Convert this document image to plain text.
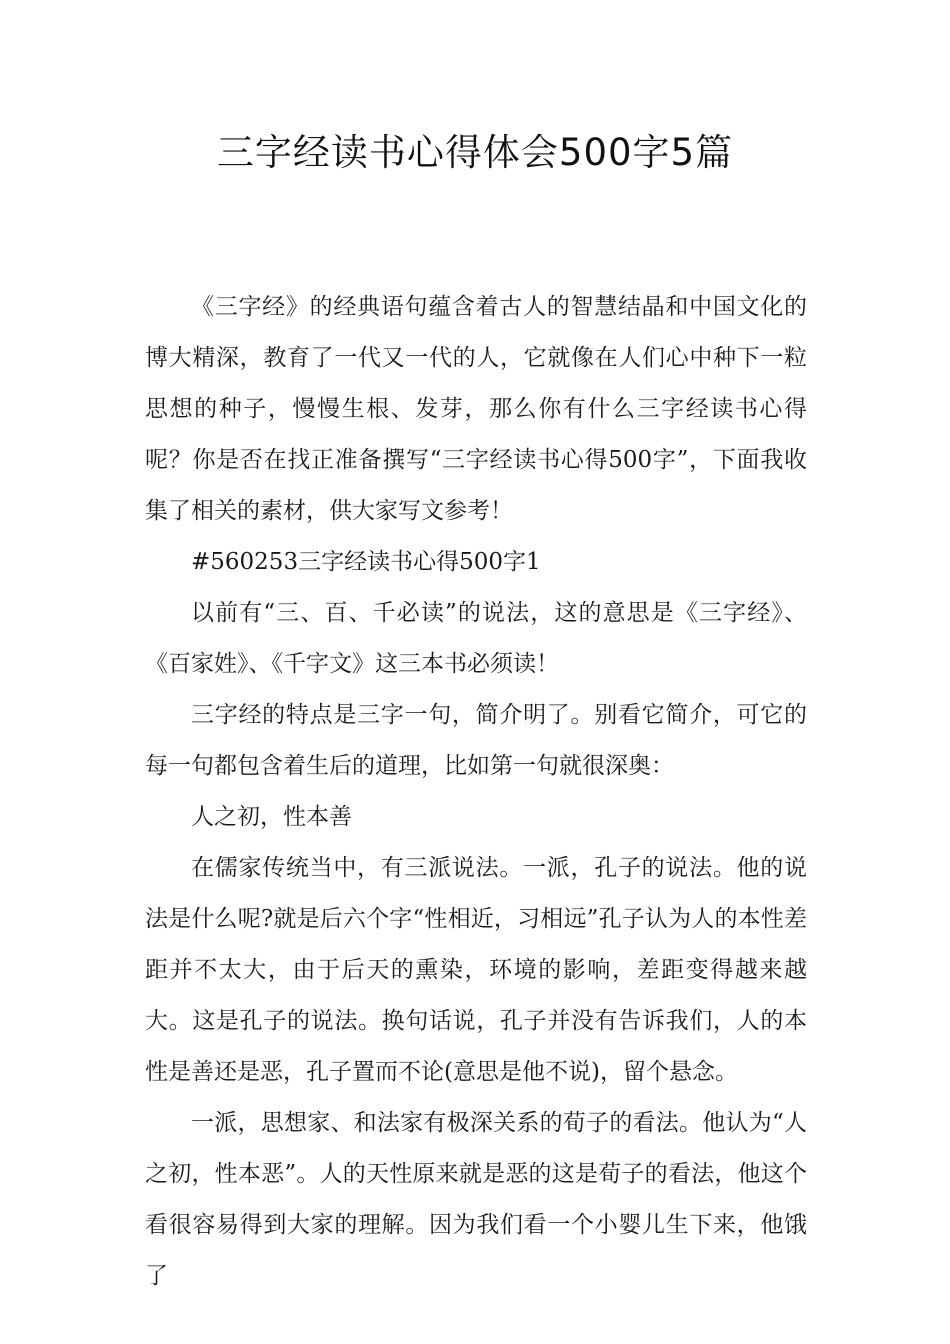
三字经读书心得体会500字5篇

《三字经》的经典语句蕴含着古人的智慧结晶和中国文化的博大精深，教育了一代又一代的人，它就像在人们心中种下一粒思想的种子，慢慢生根、发芽，那么你有什么三字经读书心得呢？你是否在找正准备撰写“三字经读书心得500字”，下面我收集了相关的素材，供大家写文参考！

#560253三字经读书心得500字1

以前有“三、百、千必读”的说法，这的意思是《三字经》、《百家姓》、《千字文》这三本书必须读！

三字经的特点是三字一句，简介明了。别看它简介，可它的每一句都包含着生后的道理，比如第一句就很深奥：

人之初，性本善

在儒家传统当中，有三派说法。一派，孔子的说法。他的说法是什么呢?就是后六个字“性相近，习相远”孔子认为人的本性差距并不太大，由于后天的熏染，环境的影响，差距变得越来越大。这是孔子的说法。换句话说，孔子并没有告诉我们，人的本性是善还是恶，孔子置而不论(意思是他不说)，留个悬念。

一派，思想家、和法家有极深关系的荀子的看法。他认为“人之初，性本恶”。人的天性原来就是恶的这是荀子的看法，他这个看很容易得到大家的理解。因为我们看一个小婴儿生下来，他饿了
